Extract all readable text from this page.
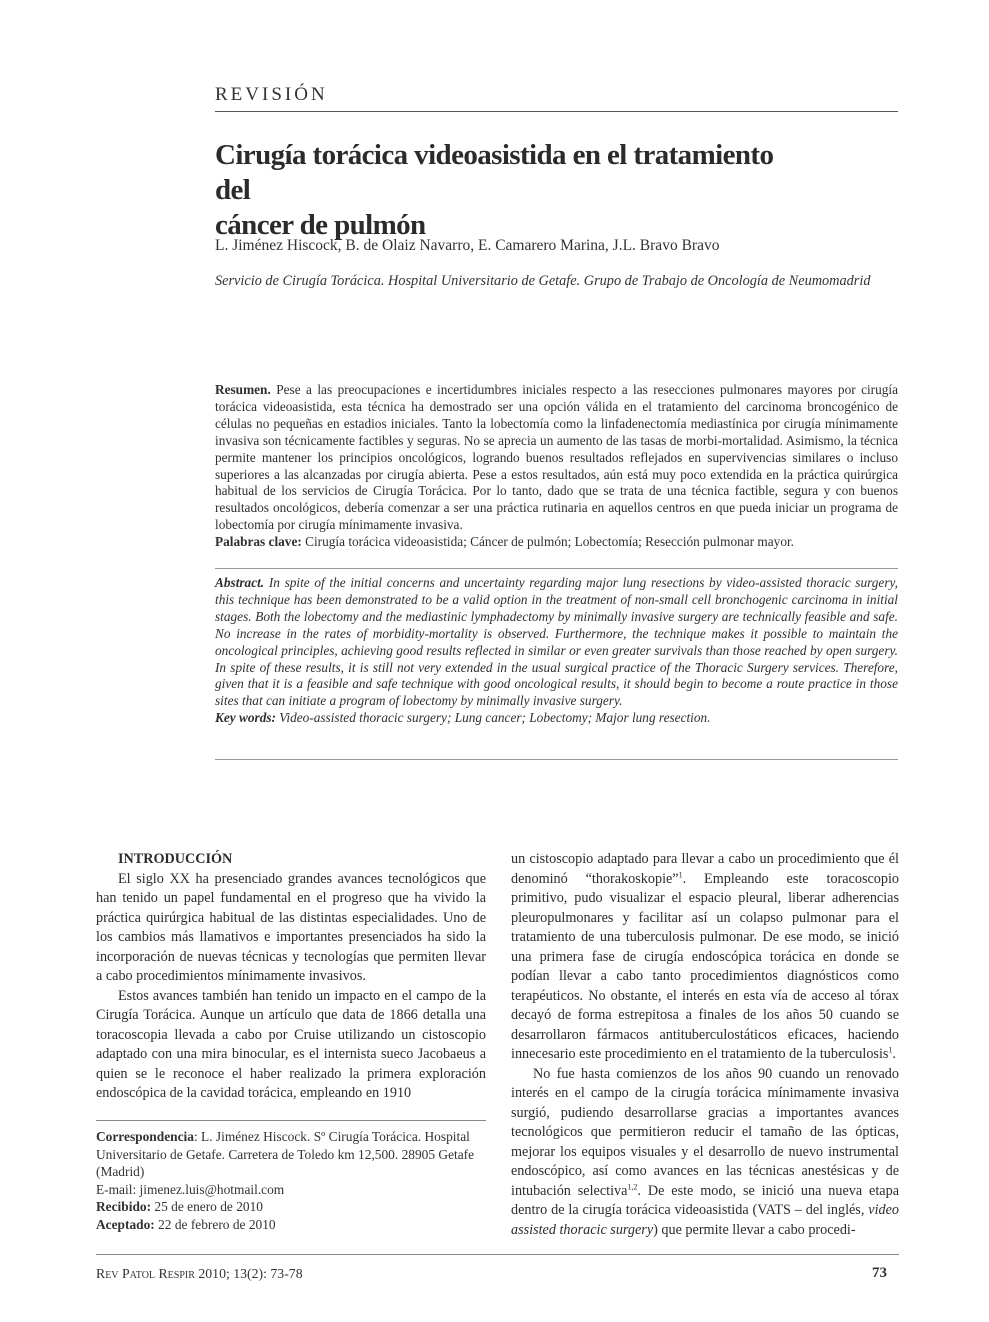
REVISIÓN
Cirugía torácica videoasistida en el tratamiento del
cáncer de pulmón
L. Jiménez Hiscock, B. de Olaiz Navarro, E. Camarero Marina, J.L. Bravo Bravo
Servicio de Cirugía Torácica. Hospital Universitario de Getafe. Grupo de Trabajo de Oncología de Neumomadrid
Resumen. Pese a las preocupaciones e incertidumbres iniciales respecto a las resecciones pulmonares mayores por cirugía torácica videoasistida, esta técnica ha demostrado ser una opción válida en el tratamiento del carcinoma broncogénico de células no pequeñas en estadios iniciales. Tanto la lobectomía como la linfadenectomía mediastínica por cirugía mínimamente invasiva son técnicamente factibles y seguras. No se aprecia un aumento de las tasas de morbi-mortalidad. Asimismo, la técnica permite mantener los principios oncológicos, logrando buenos resultados reflejados en supervivencias similares o incluso superiores a las alcanzadas por cirugía abierta. Pese a estos resultados, aún está muy poco extendida en la práctica quirúrgica habitual de los servicios de Cirugía Torácica. Por lo tanto, dado que se trata de una técnica factible, segura y con buenos resultados oncológicos, debería comenzar a ser una práctica rutinaria en aquellos centros en que pueda iniciar un programa de lobectomía por cirugía mínimamente invasiva.
Palabras clave: Cirugía torácica videoasistida; Cáncer de pulmón; Lobectomía; Resección pulmonar mayor.
Abstract. In spite of the initial concerns and uncertainty regarding major lung resections by video-assisted thoracic surgery, this technique has been demonstrated to be a valid option in the treatment of non-small cell bronchogenic carcinoma in initial stages. Both the lobectomy and the mediastinic lymphadectomy by minimally invasive surgery are technically feasible and safe. No increase in the rates of morbidity-mortality is observed. Furthermore, the technique makes it possible to maintain the oncological principles, achieving good results reflected in similar or even greater survivals than those reached by open surgery. In spite of these results, it is still not very extended in the usual surgical practice of the Thoracic Surgery services. Therefore, given that it is a feasible and safe technique with good oncological results, it should begin to become a route practice in those sites that can initiate a program of lobectomy by minimally invasive surgery.
Key words: Video-assisted thoracic surgery; Lung cancer; Lobectomy; Major lung resection.

INTRODUCCIÓN

El siglo XX ha presenciado grandes avances tecnológicos que han tenido un papel fundamental en el progreso que ha vivido la práctica quirúrgica habitual de las distintas especialidades. Uno de los cambios más llamativos e importantes presenciados ha sido la incorporación de nuevas técnicas y tecnologías que permiten llevar a cabo procedimientos mínimamente invasivos.

Estos avances también han tenido un impacto en el campo de la Cirugía Torácica. Aunque un artículo que data de 1866 detalla una toracoscopia llevada a cabo por Cruise utilizando un cistoscopio adaptado con una mira binocular, es el internista sueco Jacobaeus a quien se le reconoce el haber realizado la primera exploración endoscópica de la cavidad torácica, empleando en 1910

Correspondencia: L. Jiménez Hiscock. Sº Cirugía Torácica. Hospital Universitario de Getafe. Carretera de Toledo km 12,500. 28905 Getafe (Madrid)
E-mail: jimenez.luis@hotmail.com
Recibido: 25 de enero de 2010
Aceptado: 22 de febrero de 2010

un cistoscopio adaptado para llevar a cabo un procedimiento que él denominó “thorakoskopie”$^1$. Empleando este toracoscopio primitivo, pudo visualizar el espacio pleural, liberar adherencias pleuropulmonares y facilitar así un colapso pulmonar para el tratamiento de una tuberculosis pulmonar. De ese modo, se inició una primera fase de cirugía endoscópica torácica en donde se podían llevar a cabo tanto procedimientos diagnósticos como terapéuticos. No obstante, el interés en esta vía de acceso al tórax decayó de forma estrepitosa a finales de los años 50 cuando se desarrollaron fármacos antituberculostáticos eficaces, haciendo innecesario este procedimiento en el tratamiento de la tuberculosis$^1$.

No fue hasta comienzos de los años 90 cuando un renovado interés en el campo de la cirugía torácica mínimamente invasiva surgió, pudiendo desarrollarse gracias a importantes avances tecnológicos que permitieron reducir el tamaño de las ópticas, mejorar los equipos visuales y el desarrollo de nuevo instrumental endoscópico, así como avances en las técnicas anestésicas y de intubación selectiva$^{1,2}$. De este modo, se inició una nueva etapa dentro de la cirugía torácica videoasistida (VATS – del inglés, video assisted thoracic surgery) que permite llevar a cabo procedi-

Rev Patol Respir 2010; 13(2): 73-78	73
